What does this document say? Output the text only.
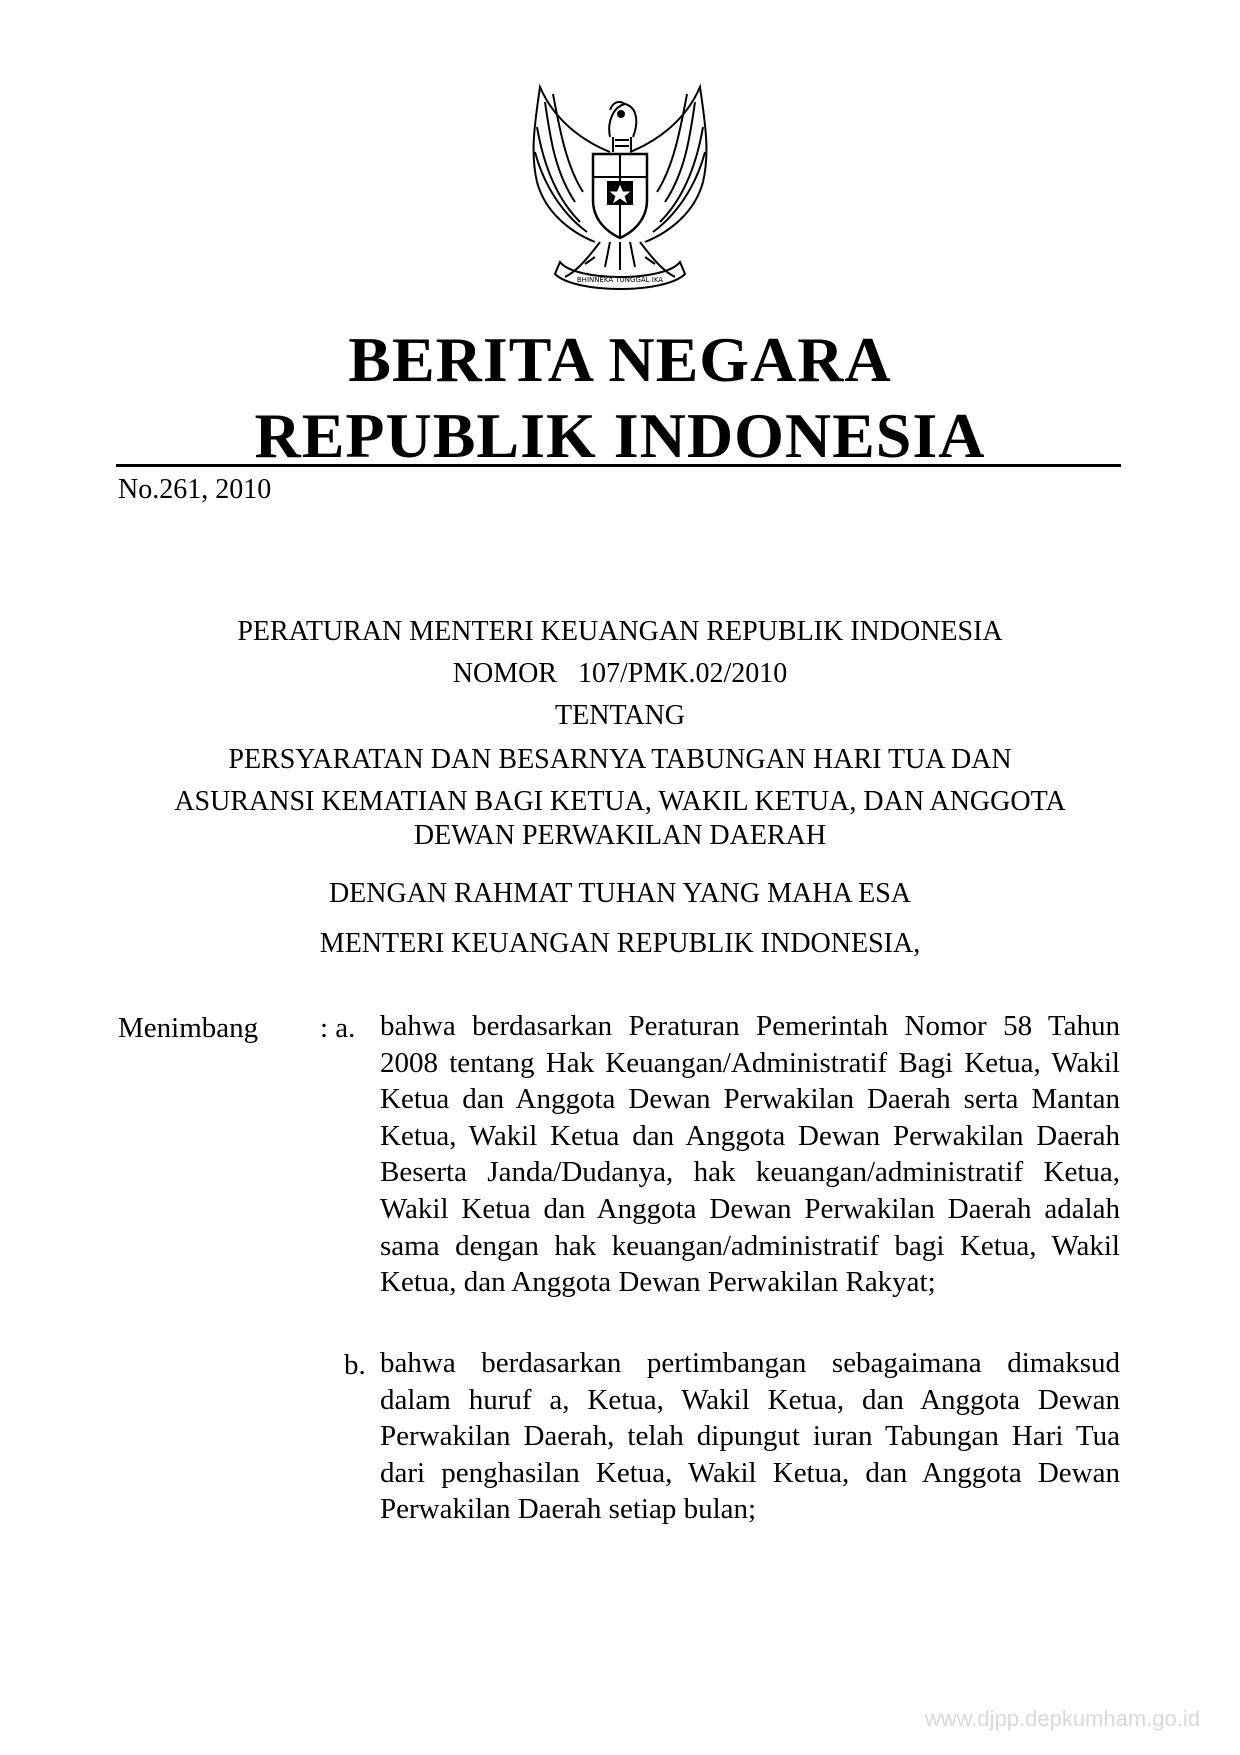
BHINNEKA TUNGGAL IKA
BERITA NEGARA
REPUBLIK INDONESIA
No.261, 2010
PERATURAN MENTERI KEUANGAN REPUBLIK INDONESIA
NOMOR   107/PMK.02/2010
TENTANG
PERSYARATAN DAN BESARNYA TABUNGAN HARI TUA DAN
ASURANSI KEMATIAN BAGI KETUA, WAKIL KETUA, DAN ANGGOTA
DEWAN PERWAKILAN DAERAH
DENGAN RAHMAT TUHAN YANG MAHA ESA
MENTERI KEUANGAN REPUBLIK INDONESIA,
Menimbang : a. bahwa berdasarkan Peraturan Pemerintah Nomor 58 Tahun 2008 tentang Hak Keuangan/Administratif Bagi Ketua, Wakil Ketua dan Anggota Dewan Perwakilan Daerah serta Mantan Ketua, Wakil Ketua dan Anggota Dewan Perwakilan Daerah Beserta Janda/Dudanya, hak keuangan/administratif Ketua, Wakil Ketua dan Anggota Dewan Perwakilan Daerah adalah sama dengan hak keuangan/administratif bagi Ketua, Wakil Ketua, dan Anggota Dewan Perwakilan Rakyat;
b. bahwa berdasarkan pertimbangan sebagaimana dimaksud dalam huruf a, Ketua, Wakil Ketua, dan Anggota Dewan Perwakilan Daerah, telah dipungut iuran Tabungan Hari Tua dari penghasilan Ketua, Wakil Ketua, dan Anggota Dewan Perwakilan Daerah setiap bulan;
www.djpp.depkumham.go.id
